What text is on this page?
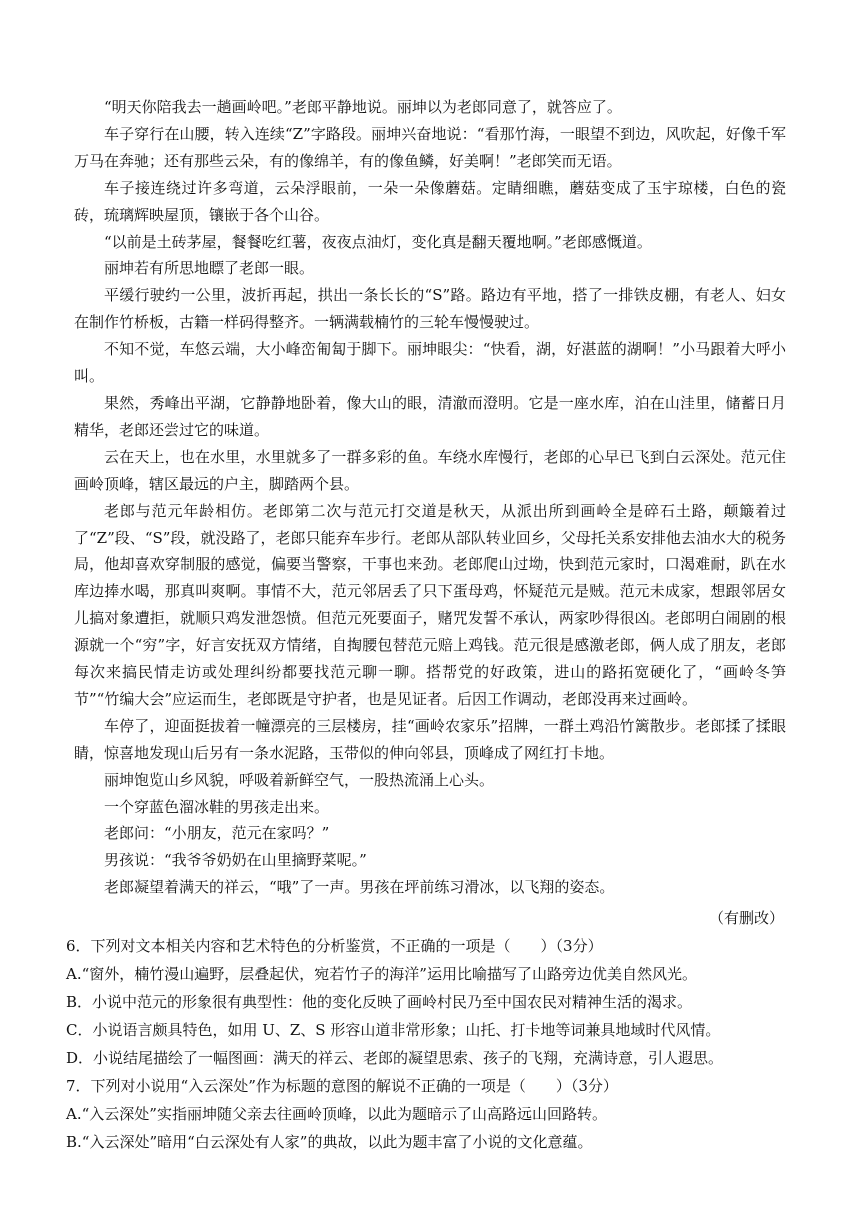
“明天你陪我去一趟画岭吧。”老郎平静地说。丽坤以为老郎同意了，就答应了。

车子穿行在山腰，转入连续“Z”字路段。丽坤兴奋地说：“看那竹海，一眼望不到边，风吹起，好像千军万马在奔驰；还有那些云朵，有的像绵羊，有的像鱼鳞，好美啊！”老郎笑而无语。

车子接连绕过许多弯道，云朵浮眼前，一朵一朵像蘑菇。定睛细瞧，蘑菇变成了玉宇琼楼，白色的瓷砖，琉璃辉映屋顶，镶嵌于各个山谷。

“以前是土砖茅屋，餐餐吃红薯，夜夜点油灯，变化真是翻天覆地啊。”老郎感慨道。

丽坤若有所思地瞟了老郎一眼。

平缓行驶约一公里，波折再起，拱出一条长长的“S”路。路边有平地，搭了一排铁皮棚，有老人、妇女在制作竹桥板，古籍一样码得整齐。一辆满载楠竹的三轮车慢慢驶过。

不知不觉，车悠云端，大小峰峦匍匐于脚下。丽坤眼尖：“快看，湖，好湛蓝的湖啊！”小马跟着大呼小叫。

果然，秀峰出平湖，它静静地卧着，像大山的眼，清澈而澄明。它是一座水库，泊在山洼里，储蓄日月精华，老郎还尝过它的味道。

云在天上，也在水里，水里就多了一群多彩的鱼。车绕水库慢行，老郎的心早已飞到白云深处。范元住画岭顶峰，辖区最远的户主，脚踏两个县。

老郎与范元年龄相仿。老郎第二次与范元打交道是秋天，从派出所到画岭全是碎石土路，颠簸着过了“Z”段、“S”段，就没路了，老郎只能弃车步行。老郎从部队转业回乡，父母托关系安排他去油水大的税务局，他却喜欢穿制服的感觉，偏要当警察，干事也来劲。老郎爬山过坳，快到范元家时，口渴难耐，趴在水库边捧水喝，那真叫爽啊。事情不大，范元邻居丢了只下蛋母鸡，怀疑范元是贼。范元未成家，想跟邻居女儿搞对象遭拒，就顺只鸡发泄怨愤。但范元死要面子，赌咒发誓不承认，两家吵得很凶。老郎明白闹剧的根源就一个“穷”字，好言安抚双方情绪，自掏腰包替范元赔上鸡钱。范元很是感激老郎，俩人成了朋友，老郎每次来搞民情走访或处理纠纷都要找范元聊一聊。搭帮党的好政策，进山的路拓宽硬化了，“画岭冬笋节”“竹编大会”应运而生，老郎既是守护者，也是见证者。后因工作调动，老郎没再来过画岭。

车停了，迎面挺拔着一幢漂亮的三层楼房，挂“画岭农家乐”招牌，一群土鸡沿竹篱散步。老郎揉了揉眼睛，惊喜地发现山后另有一条水泥路，玉带似的伸向邻县，顶峰成了网红打卡地。

丽坤饱览山乡风貌，呼吸着新鲜空气，一股热流涌上心头。

一个穿蓝色溜冰鞋的男孩走出来。

老郎问：“小朋友，范元在家吗？”

男孩说：“我爷爷奶奶在山里摘野菜呢。”

老郎凝望着满天的祥云，“哦”了一声。男孩在坪前练习滑冰，以飞翔的姿态。

（有删改）

6．下列对文本相关内容和艺术特色的分析鉴赏，不正确的一项是（　　）（3分）

A.“窗外，楠竹漫山遍野，层叠起伏，宛若竹子的海洋”运用比喻描写了山路旁边优美自然风光。

B．小说中范元的形象很有典型性：他的变化反映了画岭村民乃至中国农民对精神生活的渴求。

C．小说语言颇具特色，如用 U、Z、S 形容山道非常形象；山托、打卡地等词兼具地域时代风情。

D．小说结尾描绘了一幅图画：满天的祥云、老郎的凝望思索、孩子的飞翔，充满诗意，引人遐思。

7．下列对小说用“入云深处”作为标题的意图的解说不正确的一项是（　　）（3分）

A.“入云深处”实指丽坤随父亲去往画岭顶峰，以此为题暗示了山高路远山回路转。

B.“入云深处”暗用“白云深处有人家”的典故，以此为题丰富了小说的文化意蕴。
